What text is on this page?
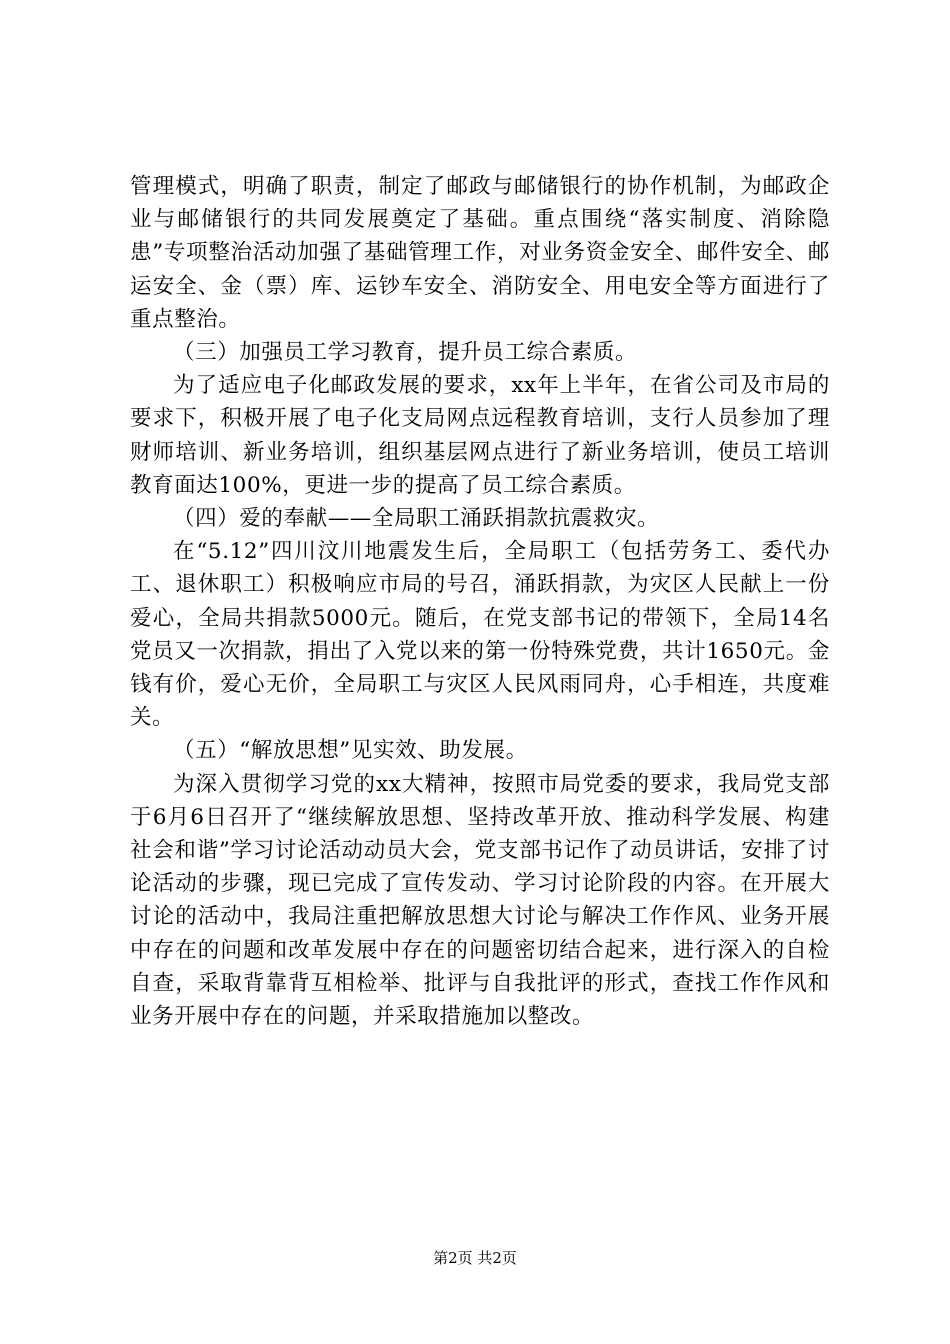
管理模式，明确了职责，制定了邮政与邮储银行的协作机制，为邮政企业与邮储银行的共同发展奠定了基础。重点围绕“落实制度、消除隐患”专项整治活动加强了基础管理工作，对业务资金安全、邮件安全、邮运安全、金（票）库、运钞车安全、消防安全、用电安全等方面进行了重点整治。

（三）加强员工学习教育，提升员工综合素质。

为了适应电子化邮政发展的要求，xx年上半年，在省公司及市局的要求下，积极开展了电子化支局网点远程教育培训，支行人员参加了理财师培训、新业务培训，组织基层网点进行了新业务培训，使员工培训教育面达100%，更进一步的提高了员工综合素质。

（四）爱的奉献——全局职工涌跃捐款抗震救灾。

在“5.12”四川汶川地震发生后，全局职工（包括劳务工、委代办工、退休职工）积极响应市局的号召，涌跃捐款，为灾区人民献上一份爱心，全局共捐款5000元。随后，在党支部书记的带领下，全局14名党员又一次捐款，捐出了入党以来的第一份特殊党费，共计1650元。金钱有价，爱心无价，全局职工与灾区人民风雨同舟，心手相连，共度难关。

（五）“解放思想”见实效、助发展。

为深入贯彻学习党的xx大精神，按照市局党委的要求，我局党支部于6月6日召开了“继续解放思想、坚持改革开放、推动科学发展、构建社会和谐”学习讨论活动动员大会，党支部书记作了动员讲话，安排了讨论活动的步骤，现已完成了宣传发动、学习讨论阶段的内容。在开展大讨论的活动中，我局注重把解放思想大讨论与解决工作作风、业务开展中存在的问题和改革发展中存在的问题密切结合起来，进行深入的自检自查，采取背靠背互相检举、批评与自我批评的形式，查找工作作风和业务开展中存在的问题，并采取措施加以整改。

第2页 共2页
